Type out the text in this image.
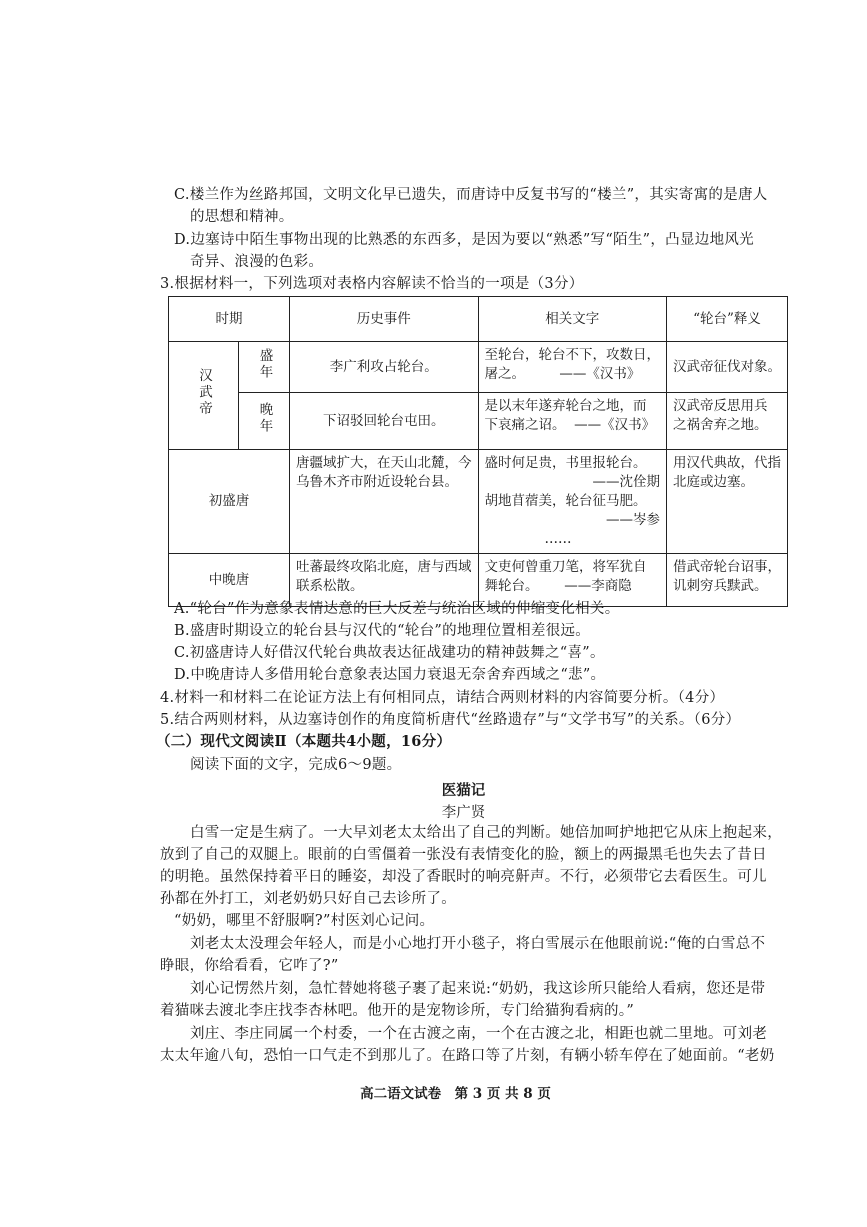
C.楼兰作为丝路邦国，文明文化早已遗失，而唐诗中反复书写的“楼兰”，其实寄寓的是唐人
的思想和精神。
D.边塞诗中陌生事物出现的比熟悉的东西多，是因为要以“熟悉”写“陌生”，凸显边地风光
奇异、浪漫的色彩。
3.根据材料一，下列选项对表格内容解读不恰当的一项是（3分）
时期		历史事件	相关文字	“轮台”释义
汉武帝	盛年	李广利攻占轮台。	至轮台，轮台不下，攻数日，
屠之。        ——《汉书》	汉武帝征伐对象。
	晚年	下诏驳回轮台屯田。	是以末年遂弃轮台之地，而
下哀痛之诏。  ——《汉书》	汉武帝反思用兵
之祸舍弃之地。

初盛唐		唐疆域扩大，在天山北麓，今
乌鲁木齐市附近设轮台县。	盛时何足贵，书里报轮台。
——沈佺期
胡地苜蓿美，轮台征马肥。
——岑参
……	用汉代典故，代指
北庭或边塞。

中晚唐		吐蕃最终攻陷北庭，唐与西域
联系松散。	文吏何曾重刀笔，将军犹自
舞轮台。      ——李商隐	借武帝轮台诏事，
讥刺穷兵黩武。
A.“轮台”作为意象表情达意的巨大反差与统治区域的伸缩变化相关。
B.盛唐时期设立的轮台县与汉代的“轮台”的地理位置相差很远。
C.初盛唐诗人好借汉代轮台典故表达征战建功的精神鼓舞之“喜”。
D.中晚唐诗人多借用轮台意象表达国力衰退无奈舍弃西域之“悲”。
4.材料一和材料二在论证方法上有何相同点，请结合两则材料的内容简要分析。（4分）
5.结合两则材料，从边塞诗创作的角度简析唐代“丝路遗存”与“文学书写”的关系。（6分）
（二）现代文阅读Ⅱ（本题共4小题，16分）
阅读下面的文字，完成6～9题。
医猫记
李广贤
白雪一定是生病了。一大早刘老太太给出了自己的判断。她倍加呵护地把它从床上抱起来，
放到了自己的双腿上。眼前的白雪僵着一张没有表情变化的脸，额上的两撮黑毛也失去了昔日
的明艳。虽然保持着平日的睡姿，却没了香眠时的响亮鼾声。不行，必须带它去看医生。可儿
孙都在外打工，刘老奶奶只好自己去诊所了。
“奶奶，哪里不舒服啊?”村医刘心记问。
刘老太太没理会年轻人，而是小心地打开小毯子，将白雪展示在他眼前说:“俺的白雪总不
睁眼，你给看看，它咋了?”
刘心记愣然片刻，急忙替她将毯子裹了起来说:“奶奶，我这诊所只能给人看病，您还是带
着猫咪去渡北李庄找李杏林吧。他开的是宠物诊所，专门给猫狗看病的。”
刘庄、李庄同属一个村委，一个在古渡之南，一个在古渡之北，相距也就二里地。可刘老
太太年逾八旬，恐怕一口气走不到那儿了。在路口等了片刻，有辆小轿车停在了她面前。“老奶
高二语文试卷　第 3 页 共 8 页
